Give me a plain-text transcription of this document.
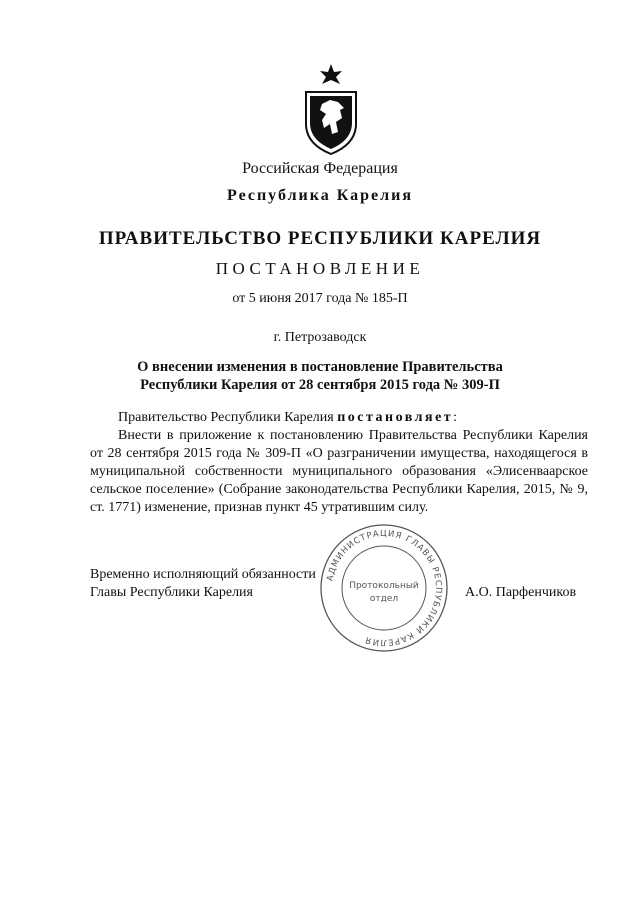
Российская Федерация
Республика Карелия
ПРАВИТЕЛЬСТВО РЕСПУБЛИКИ КАРЕЛИЯ
ПОСТАНОВЛЕНИЕ
от 5 июня 2017 года № 185-П
г. Петрозаводск
О внесении изменения в постановление Правительства
Республики Карелия от 28 сентября 2015 года № 309-П
Правительство Республики Карелия постановляет:
Внести в приложение к постановлению Правительства Республики Карелия от 28 сентября 2015 года № 309-П «О разграничении имущества, находящегося в муниципальной собственности муниципального образования «Элисенваарское сельское поселение» (Собрание законодательства Республики Карелия, 2015, № 9, ст. 1771) изменение, признав пункт 45 утратившим силу.
АДМИНИСТРАЦИЯ ГЛАВЫ РЕСПУБЛИКИ КАРЕЛИЯ
Протокольный
отдел
Временно исполняющий обязанности
Главы Республики Карелия	А.О. Парфенчиков
